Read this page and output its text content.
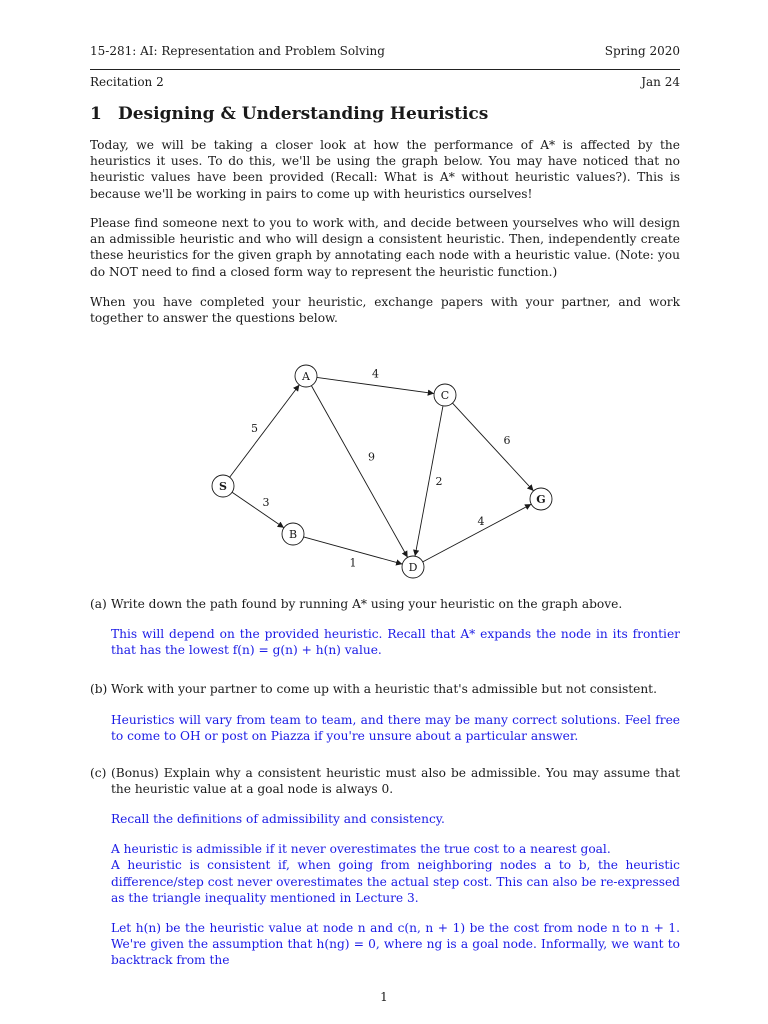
15-281: AI: Representation and Problem Solving	Spring 2020
Recitation 2	Jan 24
1 Designing & Understanding Heuristics
Today, we will be taking a closer look at how the performance of A* is affected by the heuristics it uses. To do this, we'll be using the graph below. You may have noticed that no heuristic values have been provided (Recall: What is A* without heuristic values?). This is because we'll be working in pairs to come up with heuristics ourselves!
Please find someone next to you to work with, and decide between yourselves who will design an admissible heuristic and who will design a consistent heuristic. Then, independently create these heuristics for the given graph by annotating each node with a heuristic value. (Note: you do NOT need to find a closed form way to represent the heuristic function.)
When you have completed your heuristic, exchange papers with your partner, and work together to answer the questions below.
5
4
6
9
2
3
1
4
A
C
S
G
B
D
(a) Write down the path found by running A* using your heuristic on the graph above.

This will depend on the provided heuristic. Recall that A* expands the node in its frontier that has the lowest f(n) = g(n) + h(n) value.

(b) Work with your partner to come up with a heuristic that's admissible but not consistent.

Heuristics will vary from team to team, and there may be many correct solutions. Feel free to come to OH or post on Piazza if you're unsure about a particular answer.

(c) (Bonus) Explain why a consistent heuristic must also be admissible. You may assume that the heuristic value at a goal node is always 0.

Recall the definitions of admissibility and consistency.

A heuristic is admissible if it never overestimates the true cost to a nearest goal.

A heuristic is consistent if, when going from neighboring nodes a to b, the heuristic difference/step cost never overestimates the actual step cost. This can also be re-expressed as the triangle inequality mentioned in Lecture 3.

Let h(n) be the heuristic value at node n and c(n, n + 1) be the cost from node n to n + 1. We're given the assumption that h(ng) = 0, where ng is a goal node. Informally, we want to backtrack from the

1
